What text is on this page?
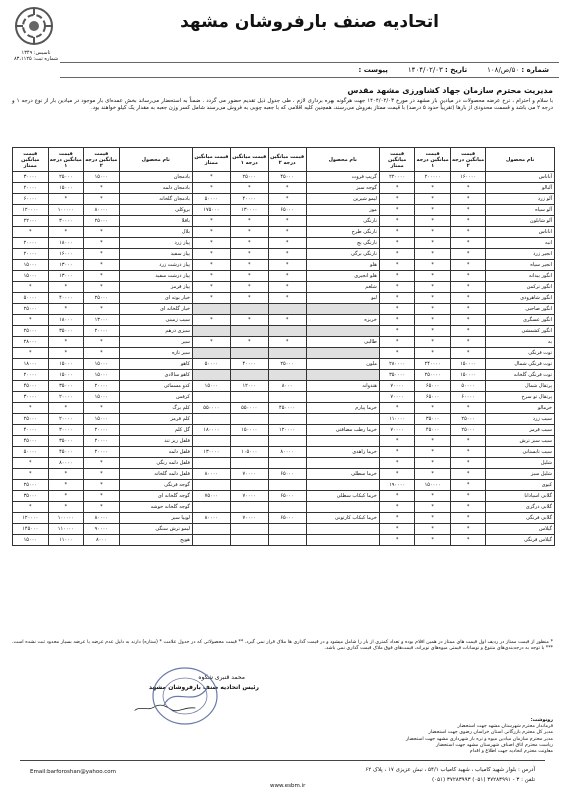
اتحادیه صنف بارفروشان مشهد
تاسیس: ۱۳۴۹
شماره ثبت: ۸۳،۱۱۲۵
شماره : ۵۰/ص/۱۰۸
تاریخ : ۱۴۰۴/۰۲/۰۳
پیوست :
مدیریت محترم سازمان جهاد کشاورزی مشهد مقدس
با سلام و احترام ، نرخ عرضه محصولات در میادین بار مشهد در مورخ ۱۴۰۴/۰۲/۰۳ جهت هرگونه بهره برداری لازم ، طی جدول ذیل تقدیم حضور می گردد . ضمناً به استحضار می‌رساند بخش عمده‌ای بار موجود در میادین بار از نوع درجه ۱ و درجه ۲ می باشد و قسمت محدودی از بارها (تقریباً حدود ۵ درصد) با قیمت ممتاز بفروش می‌رسند، همچنین کلیه اقلامی که با جعبه چوبی به فروش می‌رسند شامل کسر وزن جعبه به مقدار یک کیلو خواهند بود.
نام محصول	قیمت میانگین درجه ۲	قیمت میانگین درجه ۱	قیمت میانگین ممتاز	نام محصول	قیمت میانگین درجه ۲	قیمت میانگین درجه ۱	قیمت میانگین ممتاز	نام محصول	قیمت میانگین درجه ۲	قیمت میانگین درجه ۱	قیمت میانگین ممتاز
آناناس	۱۶۰۰۰۰	۲۰۰۰۰۰	۲۲۰۰۰۰	گریپ فروت	۴۵۰۰۰	۲۵۰۰۰	*	بادمجان	۱۵۰۰۰	۲۵۰۰۰	۳۰۰۰۰
آلبالو	*	*	*	گوجه سبز	*	*	*	بادمجان دلمه	*	۱۵۰۰۰	۲۰۰۰۰
آلو زرد	*	*	*	لیمو شیرین	*	۴۰۰۰۰	۵۰۰۰۰	بادمجان گلخانه	*	*	۶۰۰۰۰
آلو سیاه	*	*	*	موز	۶۵۰۰۰	۱۳۰۰۰۰	۱۷۵۰۰۰	بروکلی	۸۰۰۰۰	۱۰۰۰۰۰	۱۲۰۰۰۰
آلو شابلون	*	*	*	نارنگی	*	*	*	باقلا	۲۵۰۰۰	۳۰۰۰۰	۲۲۰۰۰
اناناس	*	*	*	نارنگی طرح	*	*	*	بلال	*	*	*
انبه	*	*	*	نارنگی بچ	*	*	*	پیاز زرد	*	۱۸۰۰۰	۲۰۰۰۰
انجیر زرد	*	*	*	نارنگی برگی	*	*	*	پیاز سفید	*	۱۶۰۰۰	۲۰۰۰۰
انجیر سیاه	*	*	*	هلو	*	*	*	پیاز درشت زرد	*	۱۳۰۰۰	۱۵۰۰۰
انگور بیدانه	*	*	*	هلو انجیری	*	*	*	پیاز درشت سفید	*	۱۳۰۰۰	۱۵۰۰۰
انگور ترکمن	*	*	*	شلغم	*	*	*	پیاز قرمز	*	*	*
انگور شاهرودی	*	*	*	لبو	*	*	*	خیار بوته ای	۲۵۰۰۰	۴۰۰۰۰	۵۰۰۰۰
انگور صاحبی	*	*	*					خیار گلخانه ای	*	*	۲۵۰۰۰
انگور عسگری	*	*	*	خربزه	*	*	*	سیب زمینی	۱۳۰۰۰	۱۸۰۰۰	*
انگور کشمشی	*	*	*					سبزی درهم	۲۰۰۰۰	۳۵۰۰۰	۲۵۰۰۰
به	*	*	*	طالبی	*	*	*	سیر	*	*	۲۸۰۰۰
توت فرنگی	*	*	*					سیر تازه	*	*	*
توت فرنگی شمال	۱۵۰۰۰۰	۲۴۰۰۰۰	۲۸۰۰۰۰	ملون	۲۵۰۰۰	۴۰۰۰۰	۵۰۰۰۰	کاهو	۱۵۰۰۰	۱۵۰۰۰	۱۸۰۰۰
توت فرنگی گلخانه	۱۵۰۰۰۰	۲۵۰۰۰۰	۳۵۰۰۰۰					کاهو سالادی	۱۵۰۰۰	۱۵۰۰۰	۲۰۰۰۰
پرتقال شمال	۵۰۰۰۰	۶۵۰۰۰	۷۰۰۰۰	هندوانه	۸۰۰۰	۱۲۰۰۰	۱۵۰۰۰	کدو مسمائی	۲۰۰۰۰	۳۵۰۰۰	۴۵۰۰۰
پرتقال تو سرخ	۶۰۰۰۰	۶۵۰۰۰	۷۰۰۰۰					کرفس	۱۵۰۰۰	۲۰۰۰۰	۳۰۰۰۰
خرمالو	*	*	*	خرما پیارم	۴۵۰۰۰۰	۵۵۰۰۰۰	۵۵۰۰۰۰	کلم برگ	*	*	*
سیب زرد	۲۵۰۰۰	۳۵۰۰۰	۱۱۰۰۰۰					کلم قرمز	۱۵۰۰۰	۲۰۰۰۰	۲۵۰۰۰
سیب قرمز	۲۵۰۰۰	۴۵۰۰۰	۷۰۰۰۰	خرما رطب مضافتی	۱۲۰۰۰۰	۱۵۰۰۰۰	۱۸۰۰۰۰	گل کلم	۲۰۰۰۰	۳۰۰۰۰	۴۰۰۰۰
سیب سبز ترش	*	*	*					فلفل ریز تند	۲۰۰۰۰	۳۵۰۰۰	۴۵۰۰۰
سیب تابستانی	*	*	*	خرما زاهدی	۸۰۰۰۰	۱۰۵۰۰۰	۱۳۰۰۰۰	فلفل دلمه	۲۰۰۰۰	۴۵۰۰۰	۵۰۰۰۰
شلیل	*	*	*					فلفل دلمه رنگی	*	۸۰۰۰۰	*
شلیل سبز	*	*	*	خرما سطلی	۶۵۰۰۰	۷۰۰۰۰	۸۰۰۰۰	فلفل دلمه گلخانه	*	*	*
کیوی	*	۱۵۰۰۰۰	۱۹۰۰۰۰					گوجه فرنگی	*	*	۲۵۰۰۰
گلابی اسپادانا	*	*	*	خرما کبکاب سطلی	۶۵۰۰۰	۷۰۰۰۰	۷۵۰۰۰	گوجه گلخانه ای	*	*	۳۵۰۰۰
گلابی درگزی	*	*	*					گوجه گلخانه خوشه	*	*	*
گلابی فرنگی	*	*	*	خرما کبکاب کارتونی	۶۵۰۰۰	۷۰۰۰۰	۸۰۰۰۰	لوبیا سبز	۸۰۰۰۰	۱۰۰۰۰۰	۱۲۰۰۰۰
گیلاس	*	*	*					لیمو ترش سنگی	۹۰۰۰۰	۱۱۰۰۰۰	۱۴۵۰۰۰
گیلاس فرنگی	*	*	*					هویج	۸۰۰۰	۱۱۰۰۰	۱۵۰۰۰
* منظور از قیمت ممتاز در ردیف اول قیمت های ممتاز در همین اقلام بوده و تعداد کمتری از بار را شامل میشود و در قیمت گذاری ها ملاک قرار نمی گیرد. ** قیمت محصولاتی که در جدول علامت * (ستاره) دارند به دلیل عدم عرضه یا عرضه بسیار محدود ثبت نشده است. *** با توجه به درجه‌بندی‌های متنوع و نوسانات قیمتی میوه‌های نوبرانه، قیمت‌های فوق ملاک قیمت گذاری نمی باشد.
محمد قنبری شکوه
رئیس اتحادیه صنف بارفروشان مشهد
رونوشت:
فرماندار محترم شهرستان مشهد جهت استحضار
مدیر کل محترم بازرگانی استان خراسان رضوی جهت استحضار
مدیر محترم سازمان میادین میوه و تره بار شهرداری مشهد جهت استحضار
ریاست محترم اتاق اصناف شهرستان مشهد جهت استحضار
معاونت محترم اتحادیه جهت اطلاع و اقدام
آدرس : بلوار شهید کامیاب ، شهید کامیاب ۵۴/۱ ، نبش عزیزی ۱۷ ، پلاک ۶۲
تلفن : ۳ - ۳۷۲۸۳۹۹۱ (۰۵۱) ۳۷۲۸۳۹۹۳ (۰۵۱)
Email:barforoshan@yahoo.com
www.esbm.ir
